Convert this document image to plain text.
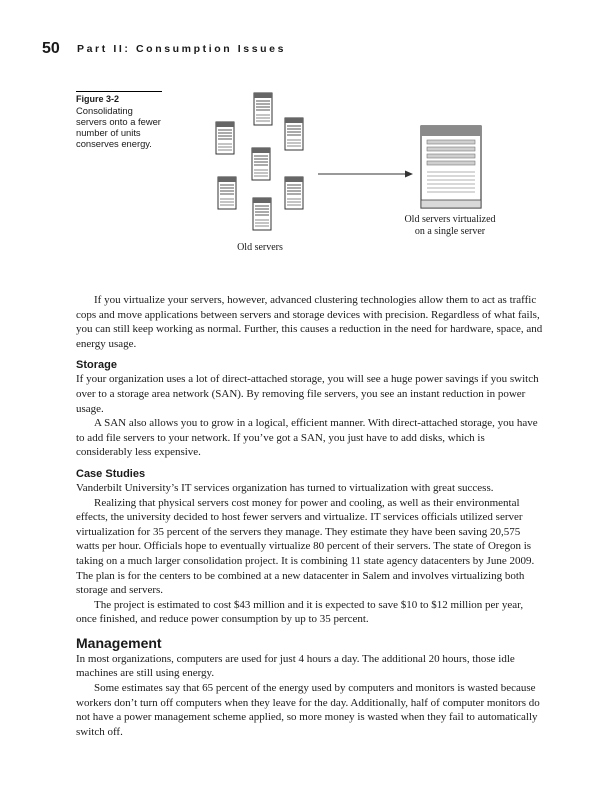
50 Part II: Consumption Issues
Figure 3-2
Consolidating servers onto a fewer number of units conserves energy.
Old servers virtualized
on a single server
Old servers

If you virtualize your servers, however, advanced clustering technologies allow them to act as traffic cops and move applications between servers and storage devices with precision. Regardless of what fails, you can still keep working as normal. Further, this causes a reduction in the need for hardware, space, and energy usage.

Storage

If your organization uses a lot of direct-attached storage, you will see a huge power savings if you switch over to a storage area network (SAN). By removing file servers, you see an instant reduction in power usage.

A SAN also allows you to grow in a logical, efficient manner. With direct-attached storage, you have to add file servers to your network. If you’ve got a SAN, you just have to add disks, which is considerably less expensive.

Case Studies

Vanderbilt University’s IT services organization has turned to virtualization with great success.

Realizing that physical servers cost money for power and cooling, as well as their environmental effects, the university decided to host fewer servers and virtualize. IT services officials utilized server virtualization for 35 percent of the servers they manage. They estimate they have been saving 20,575 watts per hour. Officials hope to eventually virtualize 80 percent of their servers. The state of Oregon is taking on a much larger consolidation project. It is combining 11 state agency datacenters by June 2009. The plan is for the centers to be combined at a new datacenter in Salem and involves virtualizing both storage and servers.

The project is estimated to cost $43 million and it is expected to save $10 to $12 million per year, once finished, and reduce power consumption by up to 35 percent.

Management

In most organizations, computers are used for just 4 hours a day. The additional 20 hours, those idle machines are still using energy.

Some estimates say that 65 percent of the energy used by computers and monitors is wasted because workers don’t turn off computers when they leave for the day. Additionally, half of computer monitors do not have a power management scheme applied, so more money is wasted when they fail to automatically switch off.
